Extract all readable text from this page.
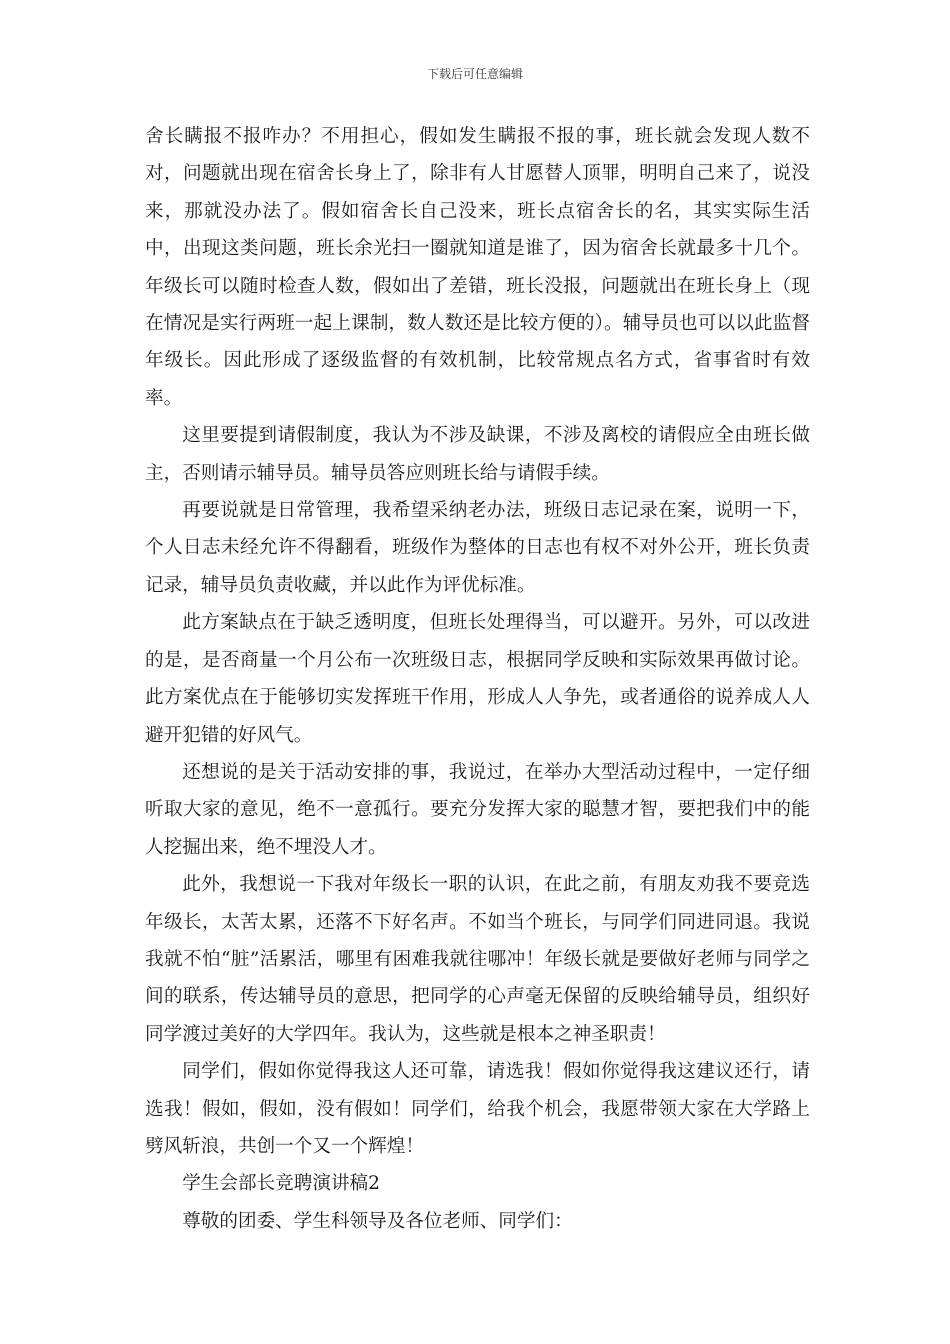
下载后可任意编辑

舍长瞒报不报咋办？不用担心，假如发生瞒报不报的事，班长就会发现人数不对，问题就出现在宿舍长身上了，除非有人甘愿替人顶罪，明明自己来了，说没来，那就没办法了。假如宿舍长自己没来，班长点宿舍长的名，其实实际生活中，出现这类问题，班长余光扫一圈就知道是谁了，因为宿舍长就最多十几个。年级长可以随时检查人数，假如出了差错，班长没报，问题就出在班长身上（现在情况是实行两班一起上课制，数人数还是比较方便的）。辅导员也可以以此监督年级长。因此形成了逐级监督的有效机制，比较常规点名方式，省事省时有效率。

这里要提到请假制度，我认为不涉及缺课，不涉及离校的请假应全由班长做主，否则请示辅导员。辅导员答应则班长给与请假手续。

再要说就是日常管理，我希望采纳老办法，班级日志记录在案，说明一下，个人日志未经允许不得翻看，班级作为整体的日志也有权不对外公开，班长负责记录，辅导员负责收藏，并以此作为评优标准。

此方案缺点在于缺乏透明度，但班长处理得当，可以避开。另外，可以改进的是，是否商量一个月公布一次班级日志，根据同学反映和实际效果再做讨论。此方案优点在于能够切实发挥班干作用，形成人人争先，或者通俗的说养成人人避开犯错的好风气。

还想说的是关于活动安排的事，我说过，在举办大型活动过程中，一定仔细听取大家的意见，绝不一意孤行。要充分发挥大家的聪慧才智，要把我们中的能人挖掘出来，绝不埋没人才。

此外，我想说一下我对年级长一职的认识，在此之前，有朋友劝我不要竞选年级长，太苦太累，还落不下好名声。不如当个班长，与同学们同进同退。我说我就不怕“脏”活累活，哪里有困难我就往哪冲！年级长就是要做好老师与同学之间的联系，传达辅导员的意思，把同学的心声毫无保留的反映给辅导员，组织好同学渡过美好的大学四年。我认为，这些就是根本之神圣职责！

同学们，假如你觉得我这人还可靠，请选我！假如你觉得我这建议还行，请选我！假如，假如，没有假如！同学们，给我个机会，我愿带领大家在大学路上劈风斩浪，共创一个又一个辉煌！

学生会部长竞聘演讲稿2

尊敬的团委、学生科领导及各位老师、同学们：
